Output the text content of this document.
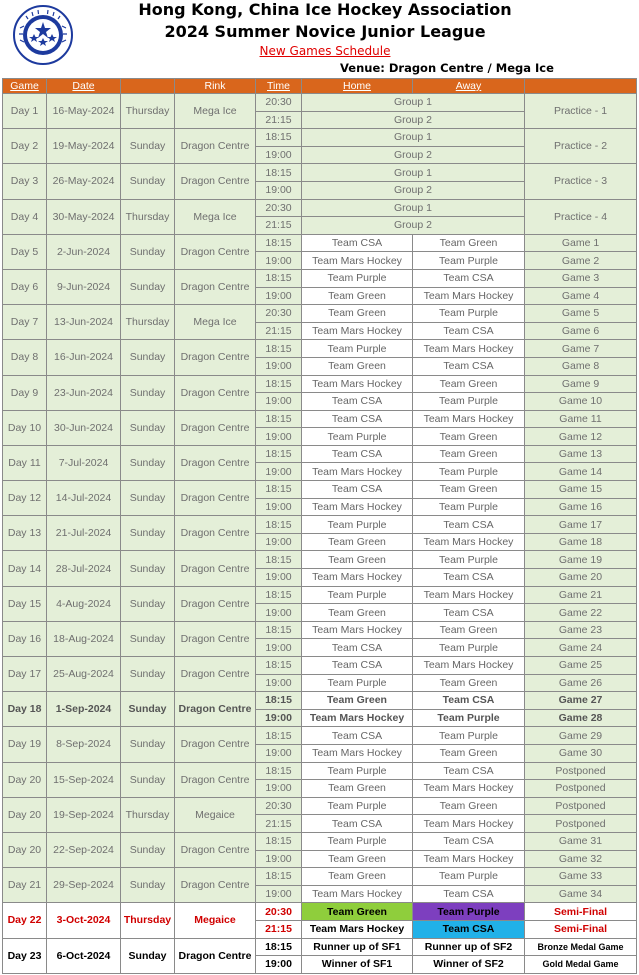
Hong Kong, China Ice Hockey Association
2024 Summer Novice Junior League
New Games Schedule
Venue: Dragon Centre / Mega Ice
Game	Date		Rink	Time	Home	Away	
Day 1	16-May-2024	Thursday	Mega Ice	20:30	Group 1		Practice - 1
				21:15	Group 2		
Day 2	19-May-2024	Sunday	Dragon Centre	18:15	Group 1		Practice - 2
				19:00	Group 2		
Day 3	26-May-2024	Sunday	Dragon Centre	18:15	Group 1		Practice - 3
				19:00	Group 2		
Day 4	30-May-2024	Thursday	Mega Ice	20:30	Group 1		Practice - 4
				21:15	Group 2		
Day 5	2-Jun-2024	Sunday	Dragon Centre	18:15	Team CSA	Team Green	Game 1
				19:00	Team Mars Hockey	Team Purple	Game 2
Day 6	9-Jun-2024	Sunday	Dragon Centre	18:15	Team Purple	Team CSA	Game 3
				19:00	Team Green	Team Mars Hockey	Game 4
Day 7	13-Jun-2024	Thursday	Mega Ice	20:30	Team Green	Team Purple	Game 5
				21:15	Team Mars Hockey	Team CSA	Game 6
Day 8	16-Jun-2024	Sunday	Dragon Centre	18:15	Team Purple	Team Mars Hockey	Game 7
				19:00	Team Green	Team CSA	Game 8
Day 9	23-Jun-2024	Sunday	Dragon Centre	18:15	Team Mars Hockey	Team Green	Game 9
				19:00	Team CSA	Team Purple	Game 10
Day 10	30-Jun-2024	Sunday	Dragon Centre	18:15	Team CSA	Team Mars Hockey	Game 11
				19:00	Team Purple	Team Green	Game 12
Day 11	7-Jul-2024	Sunday	Dragon Centre	18:15	Team CSA	Team Green	Game 13
				19:00	Team Mars Hockey	Team Purple	Game 14
Day 12	14-Jul-2024	Sunday	Dragon Centre	18:15	Team CSA	Team Green	Game 15
				19:00	Team Mars Hockey	Team Purple	Game 16
Day 13	21-Jul-2024	Sunday	Dragon Centre	18:15	Team Purple	Team CSA	Game 17
				19:00	Team Green	Team Mars Hockey	Game 18
Day 14	28-Jul-2024	Sunday	Dragon Centre	18:15	Team Green	Team Purple	Game 19
				19:00	Team Mars Hockey	Team CSA	Game 20
Day 15	4-Aug-2024	Sunday	Dragon Centre	18:15	Team Purple	Team Mars Hockey	Game 21
				19:00	Team Green	Team CSA	Game 22
Day 16	18-Aug-2024	Sunday	Dragon Centre	18:15	Team Mars Hockey	Team Green	Game 23
				19:00	Team CSA	Team Purple	Game 24
Day 17	25-Aug-2024	Sunday	Dragon Centre	18:15	Team CSA	Team Mars Hockey	Game 25
				19:00	Team Purple	Team Green	Game 26
Day 18	1-Sep-2024	Sunday	Dragon Centre	18:15	Team Green	Team CSA	Game 27
				19:00	Team Mars Hockey	Team Purple	Game 28
Day 19	8-Sep-2024	Sunday	Dragon Centre	18:15	Team CSA	Team Purple	Game 29
				19:00	Team Mars Hockey	Team Green	Game 30
Day 20	15-Sep-2024	Sunday	Dragon Centre	18:15	Team Purple	Team CSA	Postponed
				19:00	Team Green	Team Mars Hockey	Postponed
Day 20	19-Sep-2024	Thursday	Megaice	20:30	Team Purple	Team Green	Postponed
				21:15	Team CSA	Team Mars Hockey	Postponed
Day 20	22-Sep-2024	Sunday	Dragon Centre	18:15	Team Purple	Team CSA	Game 31
				19:00	Team Green	Team Mars Hockey	Game 32
Day 21	29-Sep-2024	Sunday	Dragon Centre	18:15	Team Green	Team Purple	Game 33
				19:00	Team Mars Hockey	Team CSA	Game 34
Day 22	3-Oct-2024	Thursday	Megaice	20:30	Team Green	Team Purple	Semi-Final
				21:15	Team Mars Hockey	Team CSA	Semi-Final
Day 23	6-Oct-2024	Sunday	Dragon Centre	18:15	Runner up of SF1	Runner up of SF2	Bronze Medal Game
				19:00	Winner of SF1	Winner of SF2	Gold Medal Game
